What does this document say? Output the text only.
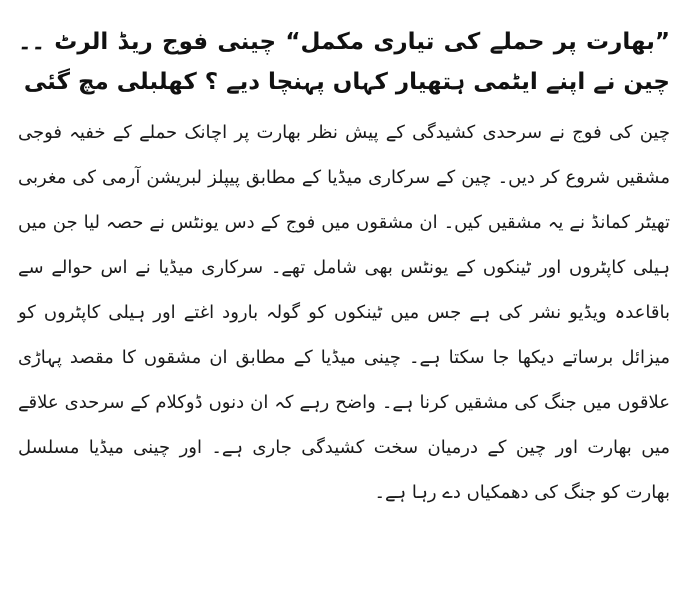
”بھارت پر حملے کی تیاری مکمل“ چینی فوج ریڈ الرٹ ۔۔ چین نے اپنے ایٹمی ہتھیار کہاں پہنچا دیے ؟ کھلبلی مچ گئی

چین کی فوج نے سرحدی کشیدگی کے پیش نظر بھارت پر اچانک حملے کے خفیہ فوجی مشقیں شروع کر دیں۔ چین کے سرکاری میڈیا کے مطابق پیپلز لبریشن آرمی کی مغربی تھیٹر کمانڈ نے یہ مشقیں کیں۔ ان مشقوں میں فوج کے دس یونٹس نے حصہ لیا جن میں ہیلی کاپٹروں اور ٹینکوں کے یونٹس بھی شامل تھے۔ سرکاری میڈیا نے اس حوالے سے باقاعدہ ویڈیو نشر کی ہے جس میں ٹینکوں کو گولہ بارود اغتے اور ہیلی کاپٹروں کو میزائل برساتے دیکھا جا سکتا ہے۔ چینی میڈیا کے مطابق ان مشقوں کا مقصد پہاڑی علاقوں میں جنگ کی مشقیں کرنا ہے۔ واضح رہے کہ ان دنوں ڈوکلام کے سرحدی علاقے میں بھارت اور چین کے درمیان سخت کشیدگی جاری ہے۔ اور چینی میڈیا مسلسل بھارت کو جنگ کی دھمکیاں دے رہا ہے۔
